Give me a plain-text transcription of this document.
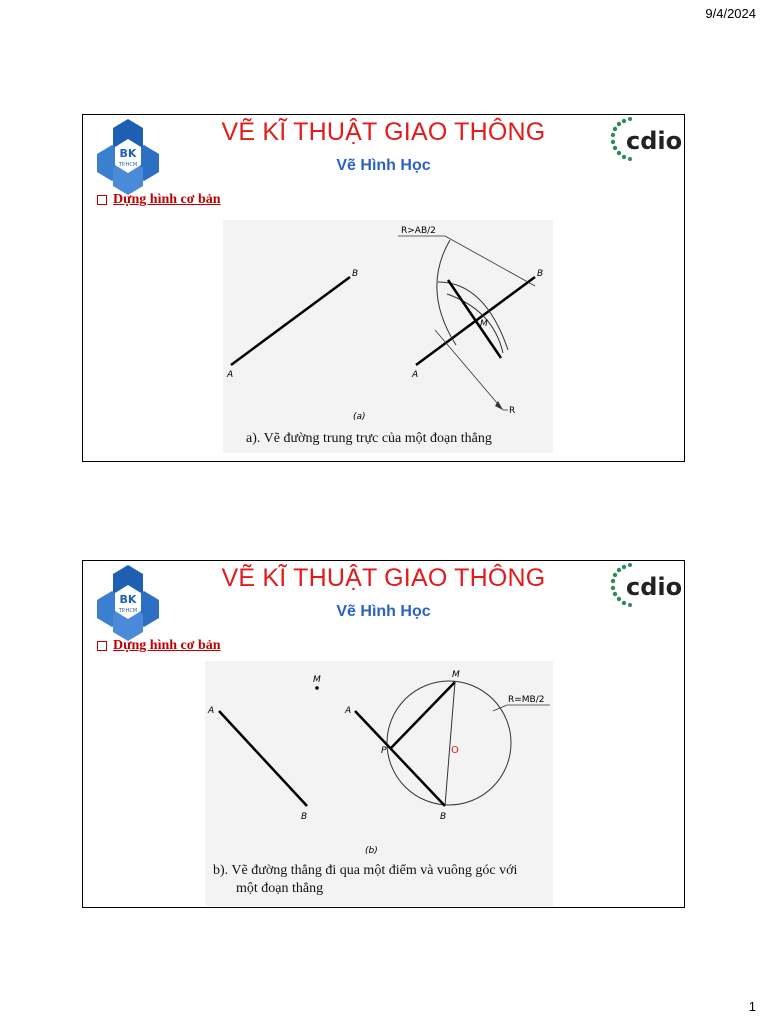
9/4/2024
BK
TP.HCM
cdio
VẼ KĨ THUẬT GIAO THÔNG
Vẽ Hình Học
Dựng hình cơ bản
A
B
R>AB/2
M
A
B
R
(a)
a). Vẽ đường trung trực của một đoạn thẳng
BK
TP.HCM
cdio
VẼ KĨ THUẬT GIAO THÔNG
Vẽ Hình Học
Dựng hình cơ bản
M
A
B
M
A
B
P	O
R=MB/2
(b)
b). Vẽ đường thẳng đi qua một điểm và vuông góc với
một đoạn thẳng
1
